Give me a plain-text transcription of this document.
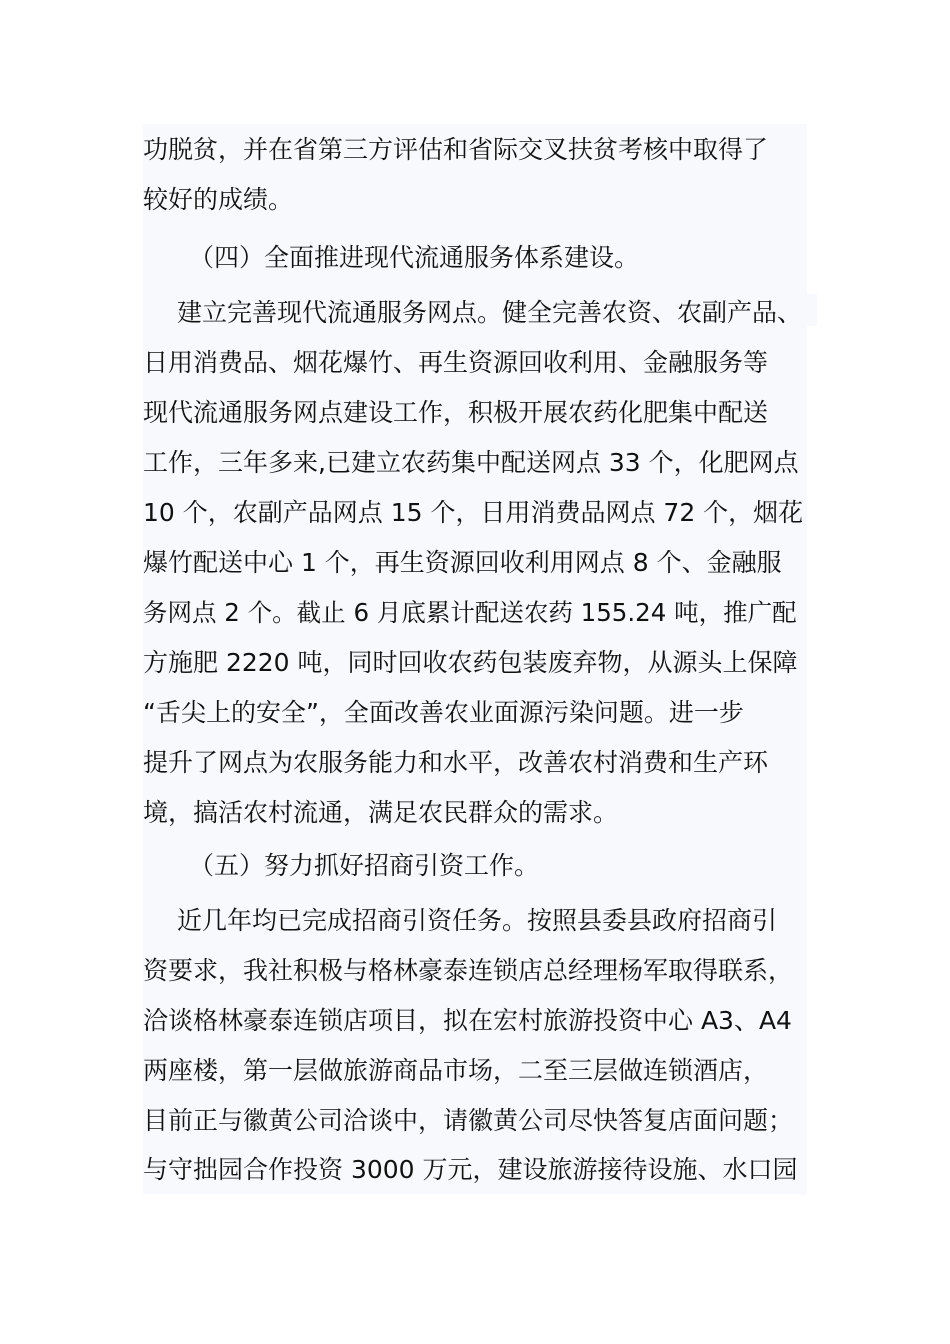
功脱贫，并在省第三方评估和省际交叉扶贫考核中取得了
较好的成绩。
（四）全面推进现代流通服务体系建设。
建立完善现代流通服务网点。健全完善农资、农副产品、
日用消费品、烟花爆竹、再生资源回收利用、金融服务等
现代流通服务网点建设工作，积极开展农药化肥集中配送
工作，三年多来,已建立农药集中配送网点 33 个，化肥网点
10 个，农副产品网点 15 个，日用消费品网点 72 个，烟花
爆竹配送中心 1 个，再生资源回收利用网点 8 个、金融服
务网点 2 个。截止 6 月底累计配送农药 155.24 吨，推广配
方施肥 2220 吨，同时回收农药包装废弃物，从源头上保障
“舌尖上的安全”，全面改善农业面源污染问题。进一步
提升了网点为农服务能力和水平，改善农村消费和生产环
境，搞活农村流通，满足农民群众的需求。
（五）努力抓好招商引资工作。
近几年均已完成招商引资任务。按照县委县政府招商引
资要求，我社积极与格林豪泰连锁店总经理杨军取得联系，
洽谈格林豪泰连锁店项目，拟在宏村旅游投资中心 A3、A4
两座楼，第一层做旅游商品市场，二至三层做连锁酒店，
目前正与徽黄公司洽谈中，请徽黄公司尽快答复店面问题；
与守拙园合作投资 3000 万元，建设旅游接待设施、水口园
